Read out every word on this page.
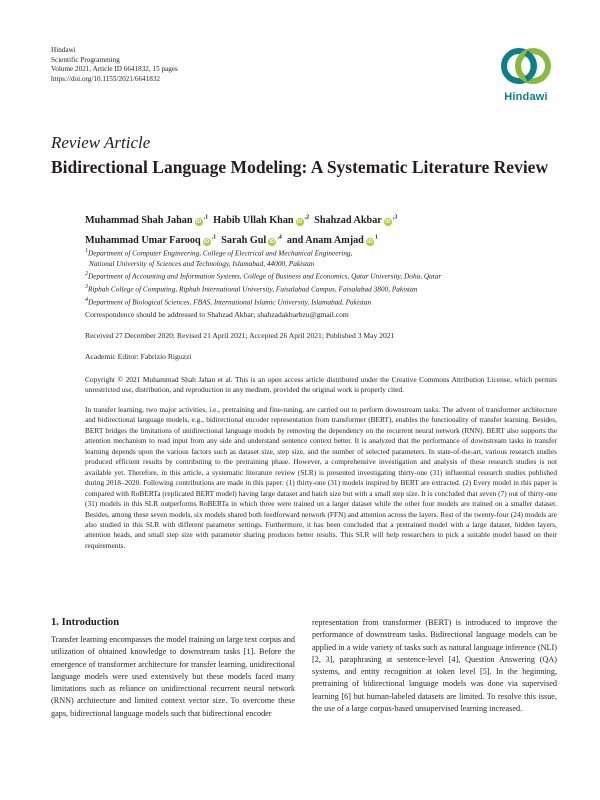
Hindawi
Scientific Programming
Volume 2021, Article ID 6641832, 15 pages
https://doi.org/10.1155/2021/6641832
Hindawi
Review Article
Bidirectional Language Modeling: A Systematic Literature Review
Muhammad Shah Jahan $iD^{,1}$ Habib Ullah Khan $iD^{,2}$ Shahzad Akbar $iD^{,3}$
Muhammad Umar Farooq $iD^{,1}$ Sarah Gul $iD^{,4}$ and Anam Amjad $iD^1$
$^1$Department of Computer Engineering, College of Electrical and Mechanical Engineering,
National University of Sciences and Technology, Islamabad, 44000, Pakistan
$^2$Department of Accounting and Information Systems, College of Business and Economics, Qatar University, Doha, Qatar
$^3$Riphah College of Computing, Riphah International University, Faisalabad Campus, Faisalabad 3800, Pakistan
$^4$Department of Biological Sciences, FBAS, International Islamic University, Islamabad, Pakistan
Correspondence should be addressed to Shahzad Akbar; shahzadakbarbzu@gmail.com
Received 27 December 2020; Revised 21 April 2021; Accepted 26 April 2021; Published 3 May 2021
Academic Editor: Fabrizio Riguzzi
Copyright © 2021 Muhammad Shah Jahan et al. This is an open access article distributed under the Creative Commons Attribution License, which permits unrestricted use, distribution, and reproduction in any medium, provided the original work is properly cited.
In transfer learning, two major activities, i.e., pretraining and fine-tuning, are carried out to perform downstream tasks. The advent of transformer architecture and bidirectional language models, e.g., bidirectional encoder representation from transformer (BERT), enables the functionality of transfer learning. Besides, BERT bridges the limitations of unidirectional language models by removing the dependency on the recurrent neural network (RNN). BERT also supports the attention mechanism to read input from any side and understand sentence context better. It is analyzed that the performance of downstream tasks in transfer learning depends upon the various factors such as dataset size, step size, and the number of selected parameters. In state-of-the-art, various research studies produced efficient results by contributing to the pretraining phase. However, a comprehensive investigation and analysis of these research studies is not available yet. Therefore, in this article, a systematic literature review (SLR) is presented investigating thirty-one (31) influential research studies published during 2018–2020. Following contributions are made in this paper: (1) thirty-one (31) models inspired by BERT are extracted. (2) Every model in this paper is compared with RoBERTa (replicated BERT model) having large dataset and batch size but with a small step size. It is concluded that seven (7) out of thirty-one (31) models in this SLR outperforms RoBERTa in which three were trained on a larger dataset while the other four models are trained on a smaller dataset. Besides, among these seven models, six models shared both feedforward network (FFN) and attention across the layers. Rest of the twenty-four (24) models are also studied in this SLR with different parameter settings. Furthermore, it has been concluded that a pretrained model with a large dataset, hidden layers, attention heads, and small step size with parameter sharing produces better results. This SLR will help researchers to pick a suitable model based on their requirements.
1. Introduction
Transfer learning encompasses the model training on large text corpus and utilization of obtained knowledge to downstream tasks [1]. Before the emergence of transformer architecture for transfer learning, unidirectional language models were used extensively but these models faced many limitations such as reliance on unidirectional recurrent neural network (RNN) architecture and limited context vector size. To overcome these gaps, bidirectional language models such that bidirectional encoder
representation from transformer (BERT) is introduced to improve the performance of downstream tasks. Bidirectional language models can be applied in a wide variety of tasks such as natural language inference (NLI) [2, 3], paraphrasing at sentence-level [4], Question Answering (QA) systems, and entity recognition at token level [5]. In the beginning, pretraining of bidirectional language models was done via supervised learning [6] but human-labeled datasets are limited. To resolve this issue, the use of a large corpus-based unsupervised learning increased.
